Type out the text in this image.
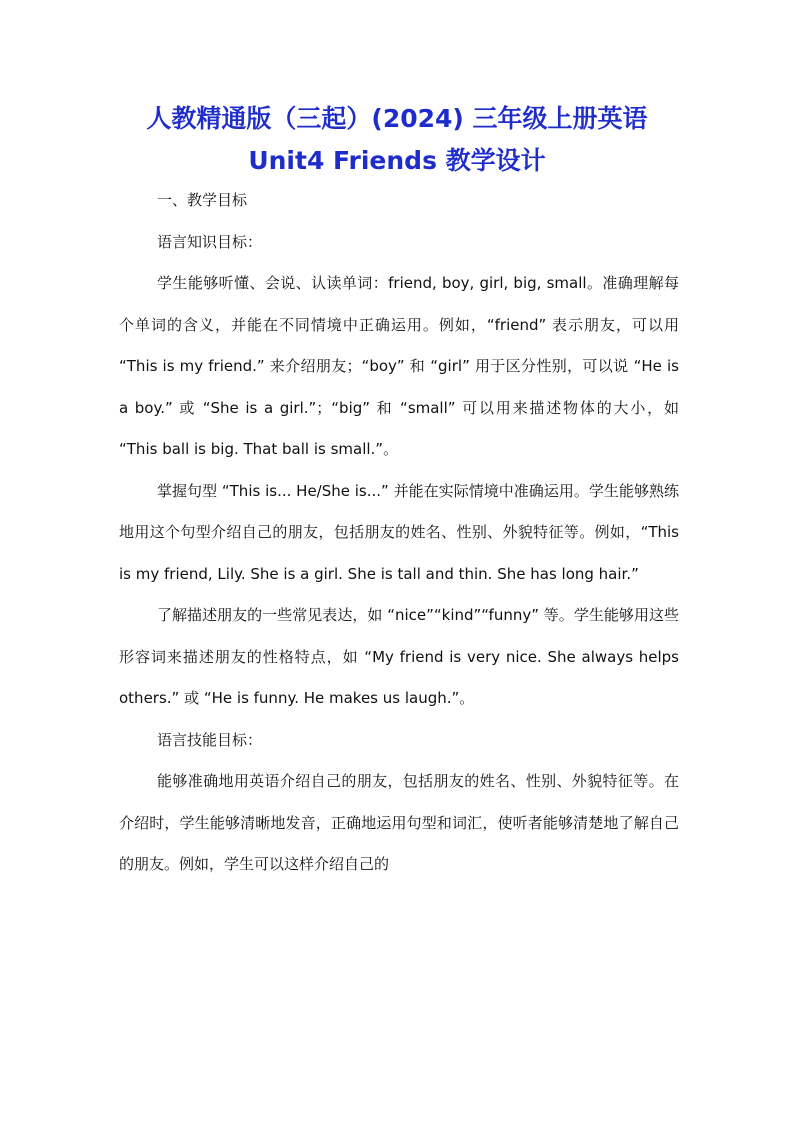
人教精通版（三起）(2024) 三年级上册英语
Unit4 Friends 教学设计

一、教学目标

语言知识目标：

学生能够听懂、会说、认读单词：friend, boy, girl, big, small。准确理解每个单词的含义，并能在不同情境中正确运用。例如，“friend” 表示朋友，可以用 “This is my friend.” 来介绍朋友；“boy” 和 “girl” 用于区分性别，可以说 “He is a boy.” 或 “She is a girl.”；“big” 和 “small” 可以用来描述物体的大小，如 “This ball is big. That ball is small.”。

掌握句型 “This is... He/She is...” 并能在实际情境中准确运用。学生能够熟练地用这个句型介绍自己的朋友，包括朋友的姓名、性别、外貌特征等。例如，“This is my friend, Lily. She is a girl. She is tall and thin. She has long hair.”

了解描述朋友的一些常见表达，如 “nice”“kind”“funny” 等。学生能够用这些形容词来描述朋友的性格特点，如 “My friend is very nice. She always helps others.” 或 “He is funny. He makes us laugh.”。

语言技能目标：

能够准确地用英语介绍自己的朋友，包括朋友的姓名、性别、外貌特征等。在介绍时，学生能够清晰地发音，正确地运用句型和词汇，使听者能够清楚地了解自己的朋友。例如，学生可以这样介绍自己的
